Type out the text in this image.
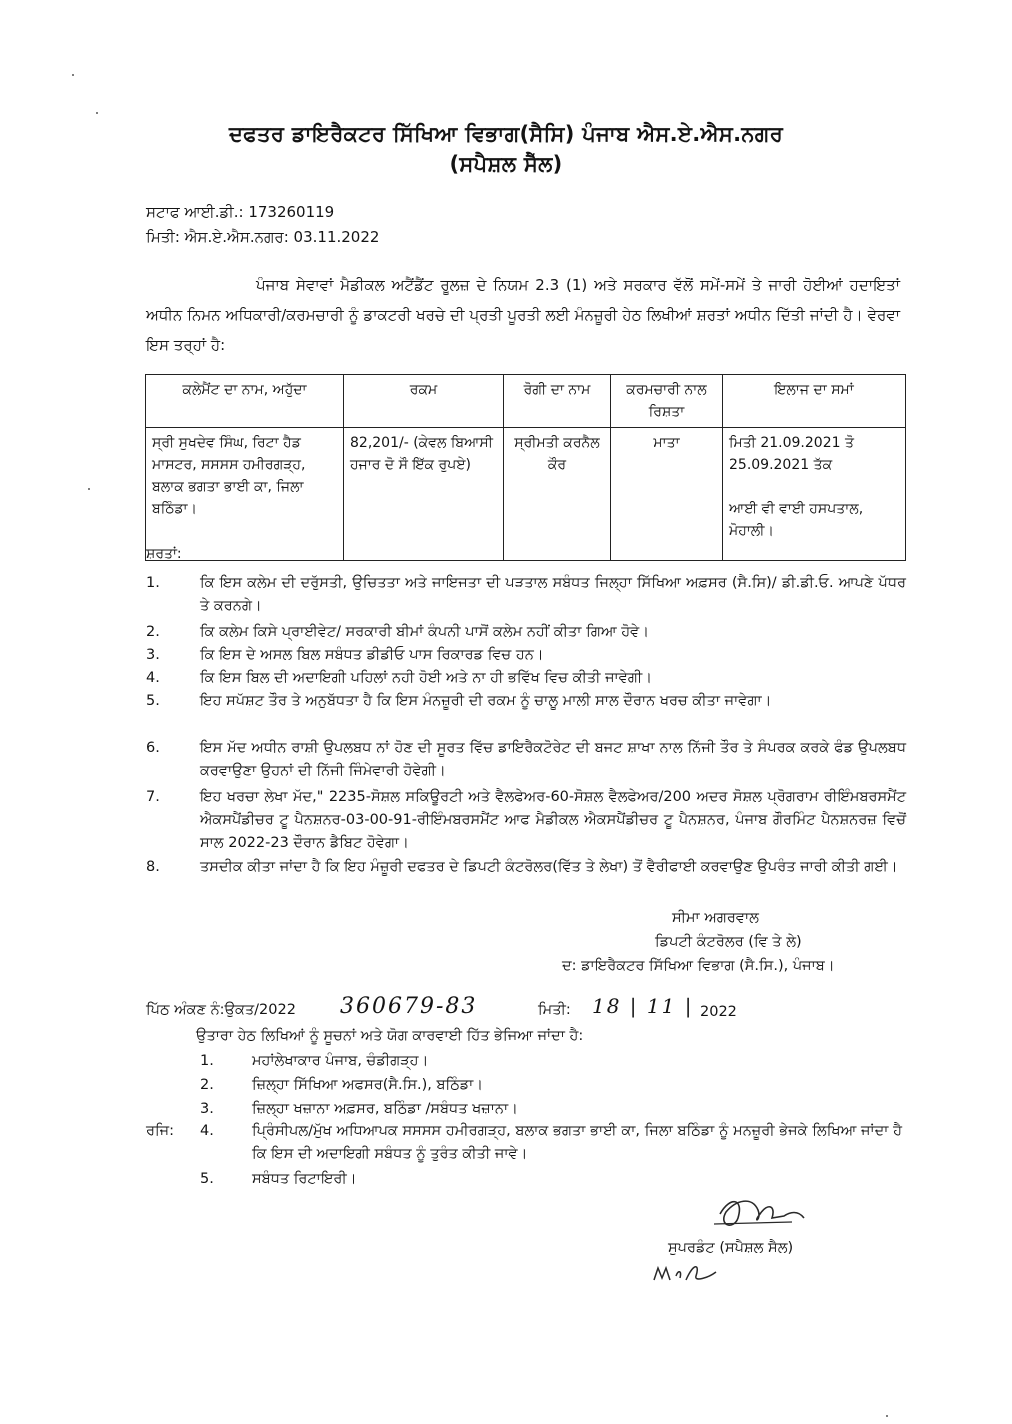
ਦਫਤਰ ਡਾਇਰੈਕਟਰ ਸਿੱਖਿਆ ਵਿਭਾਗ(ਸੈਸਿ) ਪੰਜਾਬ ਐਸ.ਏ.ਐਸ.ਨਗਰ
(ਸਪੈਸ਼ਲ ਸੈੱਲ)
ਸਟਾਫ ਆਈ.ਡੀ.: 173260119
ਮਿਤੀ: ਐਸ.ਏ.ਐਸ.ਨਗਰ: 03.11.2022
ਪੰਜਾਬ ਸੇਵਾਵਾਂ ਮੈਡੀਕਲ ਅਟੈਂਡੈਂਟ ਰੂਲਜ਼ ਦੇ ਨਿਯਮ 2.3 (1) ਅਤੇ ਸਰਕਾਰ ਵੱਲੋਂ ਸਮੇਂ-ਸਮੇਂ ਤੇ ਜਾਰੀ ਹੋਈਆਂ ਹਦਾਇਤਾਂ ਅਧੀਨ ਨਿਮਨ ਅਧਿਕਾਰੀ/ਕਰਮਚਾਰੀ ਨੂੰ ਡਾਕਟਰੀ ਖਰਚੇ ਦੀ ਪ੍ਰਤੀ ਪੂਰਤੀ ਲਈ ਮੰਨਜ਼ੂਰੀ ਹੇਠ ਲਿਖੀਆਂ ਸ਼ਰਤਾਂ ਅਧੀਨ ਦਿੱਤੀ ਜਾਂਦੀ ਹੈ। ਵੇਰਵਾ ਇਸ ਤਰ੍ਹਾਂ ਹੈ:
ਕਲੇਮੈਂਟ ਦਾ ਨਾਮ, ਅਹੁੱਦਾ	ਰਕਮ	ਰੋਗੀ ਦਾ ਨਾਮ	ਕਰਮਚਾਰੀ ਨਾਲ ਰਿਸ਼ਤਾ	ਇਲਾਜ ਦਾ ਸਮਾਂ
ਸ੍ਰੀ ਸੁਖਦੇਵ ਸਿੰਘ, ਰਿਟਾ ਹੈਡ ਮਾਸਟਰ, ਸਸਸਸ ਹਮੀਰਗੜ੍ਹ, ਬਲਾਕ ਭਗਤਾ ਭਾਈ ਕਾ, ਜਿਲਾ ਬਠਿੰਡਾ।	82,201/- (ਕੇਵਲ ਬਿਆਸੀ ਹਜਾਰ ਦੋ ਸੌ ਇੱਕ ਰੁਪਏ)	ਸ੍ਰੀਮਤੀ ਕਰਨੈਲ ਕੌਰ	ਮਾਤਾ	ਮਿਤੀ 21.09.2021 ਤੋ 25.09.2021 ਤੱਕ
ਆਈ ਵੀ ਵਾਈ ਹਸਪਤਾਲ, ਮੋਹਾਲੀ।
ਸ਼ਰਤਾਂ:
1.	ਕਿ ਇਸ ਕਲੇਮ ਦੀ ਦਰੁੱਸਤੀ, ਉਚਿਤਤਾ ਅਤੇ ਜਾਇਜਤਾ ਦੀ ਪੜਤਾਲ ਸਬੰਧਤ ਜਿਲ੍ਹਾ ਸਿੱਖਿਆ ਅਫ਼ਸਰ (ਸੈ.ਸਿ)/ ਡੀ.ਡੀ.ਓ. ਆਪਣੇ ਪੱਧਰ ਤੇ ਕਰਨਗੇ।
2.	ਕਿ ਕਲੇਮ ਕਿਸੇ ਪ੍ਰਾਈਵੇਟ/ ਸਰਕਾਰੀ ਬੀਮਾਂ ਕੰਪਨੀ ਪਾਸੋਂ ਕਲੇਮ ਨਹੀਂ ਕੀਤਾ ਗਿਆ ਹੋਵੇ।
3.	ਕਿ ਇਸ ਦੇ ਅਸਲ ਬਿਲ ਸਬੰਧਤ ਡੀਡੀਓ ਪਾਸ ਰਿਕਾਰਡ ਵਿਚ ਹਨ।
4.	ਕਿ ਇਸ ਬਿਲ ਦੀ ਅਦਾਇਗੀ ਪਹਿਲਾਂ ਨਹੀ ਹੋਈ ਅਤੇ ਨਾ ਹੀ ਭਵਿੱਖ ਵਿਚ ਕੀਤੀ ਜਾਵੇਗੀ।
5.	ਇਹ ਸਪੱਸ਼ਟ ਤੌਰ ਤੇ ਅਨੁਬੱਧਤਾ ਹੈ ਕਿ ਇਸ ਮੰਨਜ਼ੂਰੀ ਦੀ ਰਕਮ ਨੂੰ ਚਾਲੂ ਮਾਲੀ ਸਾਲ ਦੌਰਾਨ ਖਰਚ ਕੀਤਾ ਜਾਵੇਗਾ।
6.	ਇਸ ਮੱਦ ਅਧੀਨ ਰਾਸ਼ੀ ਉਪਲਬਧ ਨਾਂ ਹੋਣ ਦੀ ਸੂਰਤ ਵਿੱਚ ਡਾਇਰੈਕਟੋਰੇਟ ਦੀ ਬਜਟ ਸ਼ਾਖਾ ਨਾਲ ਨਿੱਜੀ ਤੌਰ ਤੇ ਸੰਪਰਕ ਕਰਕੇ ਫੰਡ ਉਪਲਬਧ ਕਰਵਾਉਣਾ ਉਹਨਾਂ ਦੀ ਨਿੱਜੀ ਜਿੰਮੇਵਾਰੀ ਹੋਵੇਗੀ।
7.	ਇਹ ਖਰਚਾ ਲੇਖਾ ਮੱਦ," 2235-ਸੋਸ਼ਲ ਸਕਿਊਰਟੀ ਅਤੇ ਵੈਲਫੇਅਰ-60-ਸੋਸ਼ਲ ਵੈਲਫੇਅਰ/200 ਅਦਰ ਸੋਸ਼ਲ ਪ੍ਰੋਗਰਾਮ ਰੀਇੰਮਬਰਸਮੈਂਟ ਐਕਸਪੈਂਡੀਚਰ ਟੂ ਪੈਨਸ਼ਨਰ-03-00-91-ਰੀਇੰਮਬਰਸਮੈਂਟ ਆਫ ਮੈਡੀਕਲ ਐਕਸਪੈਂਡੀਚਰ ਟੂ ਪੈਨਸ਼ਨਰ, ਪੰਜਾਬ ਗੌਰਮਿੰਟ ਪੈਨਸ਼ਨਰਜ਼ ਵਿਚੋਂ ਸਾਲ 2022-23 ਦੌਰਾਨ ਡੈਬਿਟ ਹੋਵੇਗਾ।
8.	ਤਸਦੀਕ ਕੀਤਾ ਜਾਂਦਾ ਹੈ ਕਿ ਇਹ ਮੰਜ਼ੂਰੀ ਦਫਤਰ ਦੇ ਡਿਪਟੀ ਕੰਟਰੋਲਰ(ਵਿੱਤ ਤੇ ਲੇਖਾ) ਤੋਂ ਵੈਰੀਫਾਈ ਕਰਵਾਉਣ ਉਪਰੰਤ ਜਾਰੀ ਕੀਤੀ ਗਈ।
ਸੀਮਾ ਅਗਰਵਾਲ
ਡਿਪਟੀ ਕੰਟਰੋਲਰ (ਵਿ ਤੇ ਲੇ)
ਦ: ਡਾਇਰੈਕਟਰ ਸਿੱਖਿਆ ਵਿਭਾਗ (ਸੈ.ਸਿ.), ਪੰਜਾਬ।
ਪਿੱਠ ਅੰਕਣ ਨੰ:ਉਕਤ/2022 360679-83	ਮਿਤੀ: 18 | 11 | 2022
ਉਤਾਰਾ ਹੇਠ ਲਿਖਿਆਂ ਨੂੰ ਸੂਚਨਾਂ ਅਤੇ ਯੋਗ ਕਾਰਵਾਈ ਹਿੱਤ ਭੇਜਿਆ ਜਾਂਦਾ ਹੈ:
ਰਜਿ:
1.	ਮਹਾਂਲੇਖਾਕਾਰ ਪੰਜਾਬ, ਚੰਡੀਗੜ੍ਹ।
2.	ਜ਼ਿਲ੍ਹਾ ਸਿੱਖਿਆ ਅਫਸਰ(ਸੈ.ਸਿ.), ਬਠਿੰਡਾ।
3.	ਜ਼ਿਲ੍ਹਾ ਖਜ਼ਾਨਾ ਅਫ਼ਸਰ, ਬਠਿੰਡਾ /ਸਬੰਧਤ ਖਜ਼ਾਨਾ।
4.	ਪ੍ਰਿੰਸੀਪਲ/ਮੁੱਖ ਅਧਿਆਪਕ ਸਸਸਸ ਹਮੀਰਗੜ੍ਹ, ਬਲਾਕ ਭਗਤਾ ਭਾਈ ਕਾ, ਜਿਲਾ ਬਠਿੰਡਾ ਨੂੰ ਮਨਜ਼ੂਰੀ ਭੇਜਕੇ ਲਿਖਿਆ ਜਾਂਦਾ ਹੈ ਕਿ ਇਸ ਦੀ ਅਦਾਇਗੀ ਸਬੰਧਤ ਨੂੰ ਤੁਰੰਤ ਕੀਤੀ ਜਾਵੇ।
5.	ਸਬੰਧਤ ਰਿਟਾਇਰੀ।
ਸੁਪਰਡੰਟ (ਸਪੈਸ਼ਲ ਸੈਲ)
